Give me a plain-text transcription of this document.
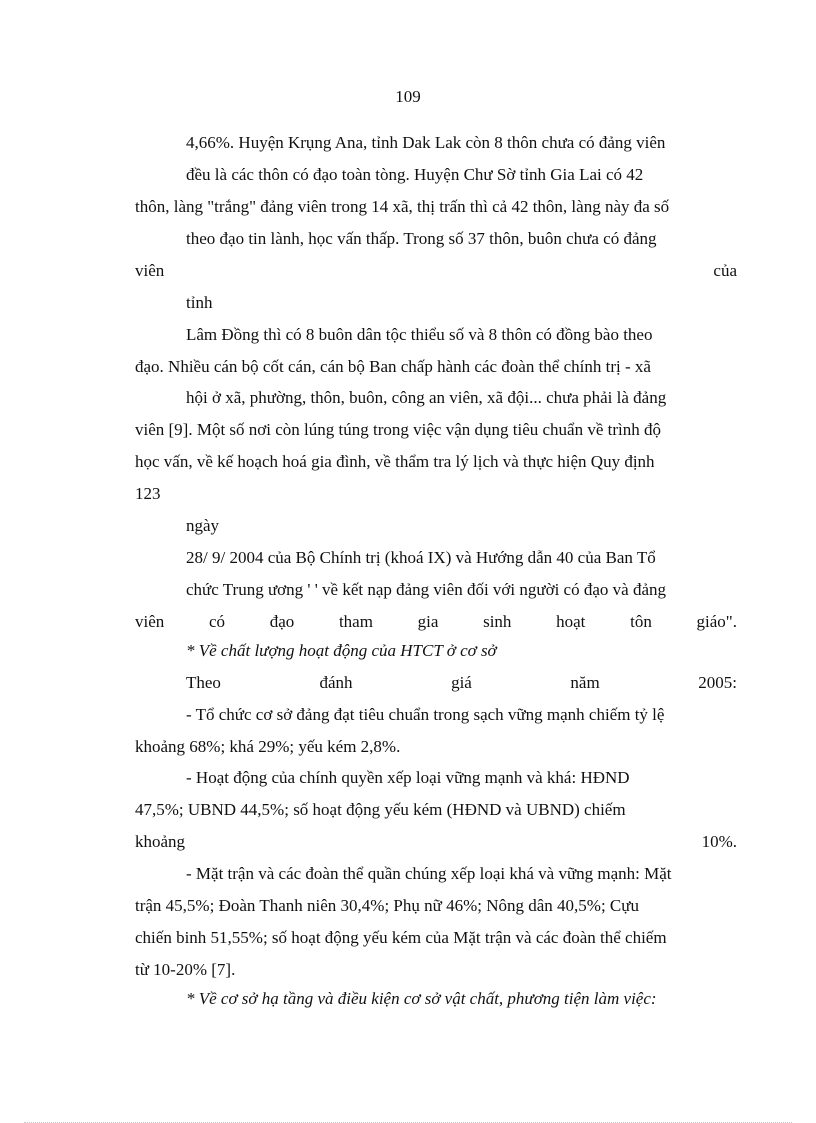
109
4,66%. Huyện Krụng Ana, tỉnh Dak Lak còn 8 thôn chưa có đảng viên
đều là các thôn có đạo toàn tòng. Huyện Chư Sờ tỉnh Gia Lai có 42
thôn, làng "trắng" đảng viên trong 14 xã, thị trấn thì cả 42 thôn, làng này đa số
theo đạo tin lành, học vấn thấp. Trong số 37 thôn, buôn chưa có đảng
viên	của
tỉnh
Lâm Đồng thì có 8 buôn dân tộc thiểu số và 8 thôn có đồng bào theo
đạo. Nhiều cán bộ cốt cán, cán bộ Ban chấp hành các đoàn thể chính trị - xã
hội ở xã, phường, thôn, buôn, công an viên, xã đội... chưa phải là đảng
viên [9]. Một số nơi còn lúng túng trong việc vận dụng tiêu chuẩn về trình độ
học vấn, về kế hoạch hoá gia đình, về thẩm tra lý lịch và thực hiện Quy định
123
ngày
28/ 9/ 2004 của Bộ Chính trị (khoá IX) và Hướng dẫn 40 của Ban Tổ
chức Trung ương ' ' về kết nạp đảng viên đối với người có đạo và đảng
viên	có	đạo	tham	gia	sinh	hoạt	tôn	giáo".
* Về chất lượng hoạt động của HTCT ở cơ sở
Theo	đánh	giá	năm	2005:
- Tổ chức cơ sở đảng đạt tiêu chuẩn trong sạch vững mạnh chiếm tỷ lệ
khoảng 68%; khá 29%; yếu kém 2,8%.
- Hoạt động của chính quyền xếp loại vững mạnh và khá: HĐND
47,5%; UBND 44,5%; số hoạt động yếu kém (HĐND và UBND) chiếm
khoảng	10%.
- Mặt trận và các đoàn thể quần chúng xếp loại khá và vững mạnh: Mặt
trận 45,5%; Đoàn Thanh niên 30,4%; Phụ nữ 46%; Nông dân 40,5%; Cựu
chiến binh 51,55%; số hoạt động yếu kém của Mặt trận và các đoàn thể chiếm
từ 10-20% [7].
* Về cơ sở hạ tầng và điều kiện cơ sở vật chất, phương tiện làm việc:
